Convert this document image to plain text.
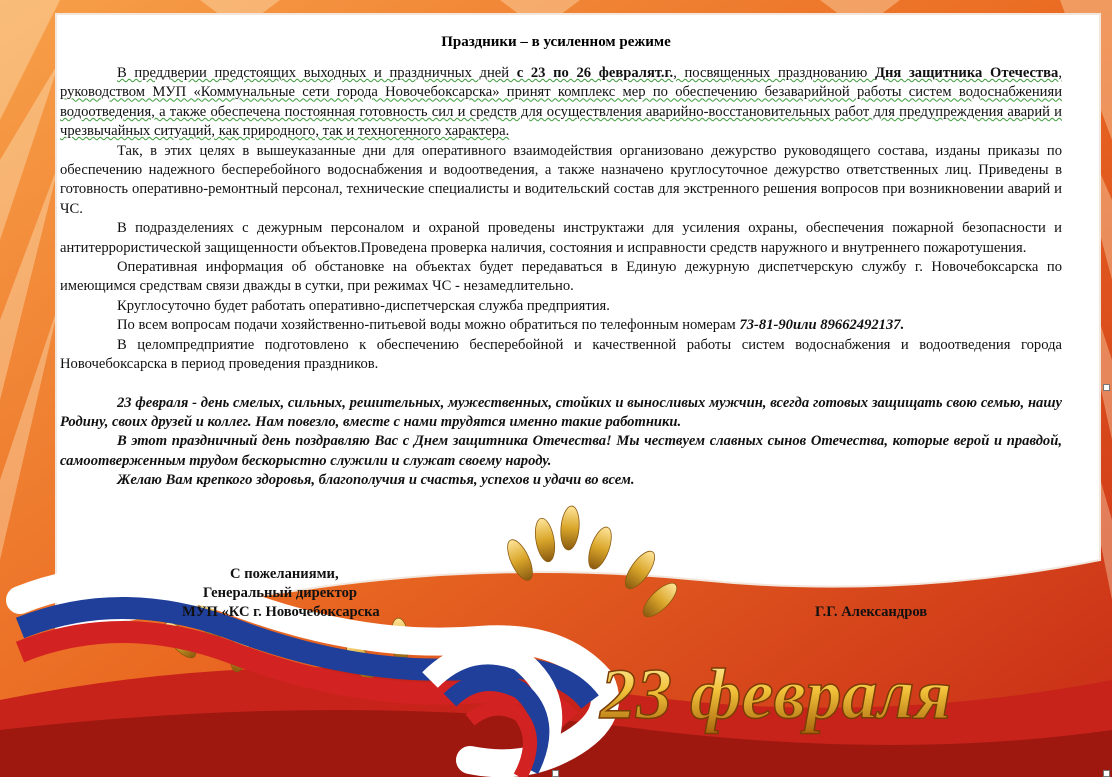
23 февраля
Праздники – в усиленном режиме

В преддверии предстоящих выходных и праздничных дней с 23 по 26 февралят.г., посвященных празднованию Дня защитника Отечества, руководством МУП «Коммунальные сети города Новочебоксарска» принят комплекс мер по обеспечению безаварийной работы систем водоснабженияи водоотведения, а также обеспечена постоянная готовность сил и средств для осуществления аварийно-восстановительных работ для предупреждения аварий и чрезвычайных ситуаций, как природного, так и техногенного характера.

Так, в этих целях в вышеуказанные дни для оперативного взаимодействия организовано дежурство руководящего состава, изданы приказы по обеспечению надежного бесперебойного водоснабжения и водоотведения, а также назначено круглосуточное дежурство ответственных лиц. Приведены в готовность оперативно-ремонтный персонал, технические специалисты и водительский состав для экстренного решения вопросов при возникновении аварий и ЧС.

В подразделениях с дежурным персоналом и охраной проведены инструктажи для усиления охраны, обеспечения пожарной безопасности и антитеррористической защищенности объектов.Проведена проверка наличия, состояния и исправности средств наружного и внутреннего пожаротушения.

Оперативная информация об обстановке на объектах будет передаваться в Единую дежурную диспетчерскую службу г. Новочебоксарска по имеющимся средствам связи дважды в сутки, при режимах ЧС - незамедлительно.

Круглосуточно будет работать оперативно-диспетчерская служба предприятия.

По всем вопросам подачи хозяйственно-питьевой воды можно обратиться по телефонным номерам 73-81-90или 89662492137.

В целомпредприятие подготовлено к обеспечению бесперебойной и качественной работы систем водоснабжения и водоотведения города Новочебоксарска в период проведения праздников.

23 февраля - день смелых, сильных, решительных, мужественных, стойких и выносливых мужчин, всегда готовых защищать свою семью, нашу Родину, своих друзей и коллег. Нам повезло, вместе с нами трудятся именно такие работники.

В этот праздничный день поздравляю Вас с Днем защитника Отечества! Мы чествуем славных сынов Отечества, которые верой и правдой, самоотверженным трудом бескорыстно служили и служат своему народу.

Желаю Вам крепкого здоровья, благополучия и счастья, успехов и удачи во всем.

С пожеланиями,
Генеральный директор
МУП «КС г. Новочебоксарска	Г.Г. Александров
